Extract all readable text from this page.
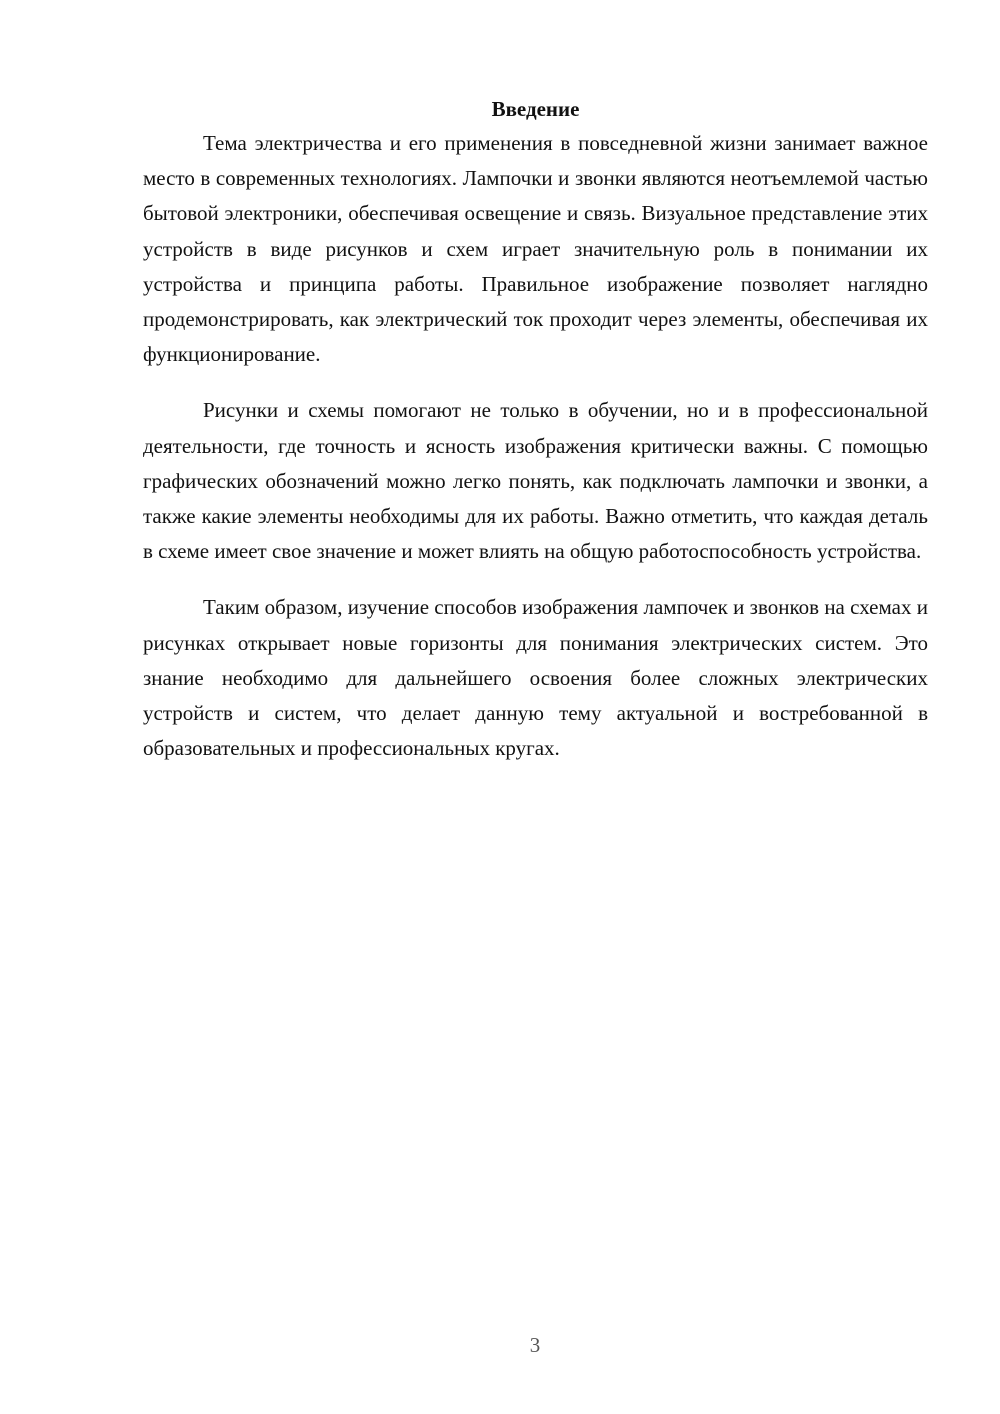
Введение

Тема электричества и его применения в повседневной жизни занимает важное место в современных технологиях. Лампочки и звонки являются неотъемлемой частью бытовой электроники, обеспечивая освещение и связь. Визуальное представление этих устройств в виде рисунков и схем играет значительную роль в понимании их устройства и принципа работы. Правильное изображение позволяет наглядно продемонстрировать, как электрический ток проходит через элементы, обеспечивая их функционирование.

Рисунки и схемы помогают не только в обучении, но и в профессиональной деятельности, где точность и ясность изображения критически важны. С помощью графических обозначений можно легко понять, как подключать лампочки и звонки, а также какие элементы необходимы для их работы. Важно отметить, что каждая деталь в схеме имеет свое значение и может влиять на общую работоспособность устройства.

Таким образом, изучение способов изображения лампочек и звонков на схемах и рисунках открывает новые горизонты для понимания электрических систем. Это знание необходимо для дальнейшего освоения более сложных электрических устройств и систем, что делает данную тему актуальной и востребованной в образовательных и профессиональных кругах.

3
